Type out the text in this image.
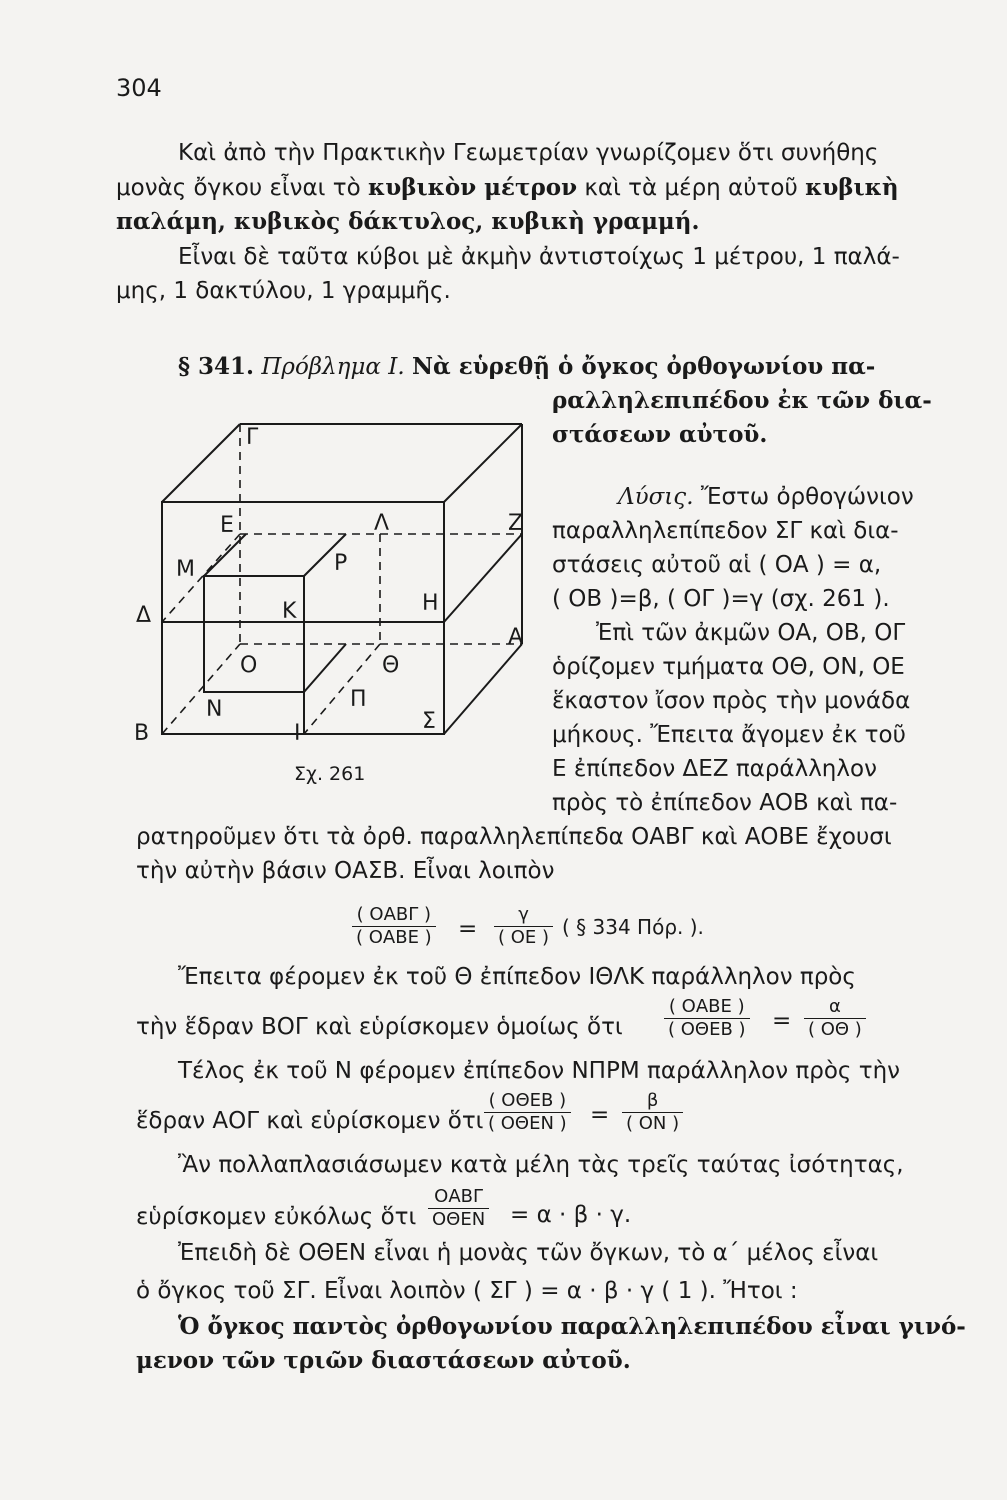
304
Καὶ ἀπὸ τὴν Πρακτικὴν Γεωμετρίαν γνωρίζομεν ὅτι συνήθης
μονὰς ὄγκου εἶναι τὸ κυβικὸν μέτρον καὶ τὰ μέρη αὐτοῦ κυβικὴ
παλάμη, κυβικὸς δάκτυλος, κυβικὴ γραμμή.
Εἶναι δὲ ταῦτα κύβοι μὲ ἀκμὴν ἀντιστοίχως 1 μέτρου, 1 παλά-
μης, 1 δακτύλου, 1 γραμμῆς.
§ 341. Πρόβλημα Ι. Νὰ εὑρεθῇ ὁ ὄγκος ὀρθογωνίου πα-
ραλληλεπιπέδου ἐκ τῶν δια-
στάσεων αὐτοῦ.
Λύσις. Ἔστω ὀρθογώνιον
παραλληλεπίπεδον ΣΓ καὶ δια-
στάσεις αὐτοῦ αἱ ( ΟΑ ) = α,
( ΟΒ )=β, ( ΟΓ )=γ (σχ. 261 ).
Ἐπὶ τῶν ἀκμῶν ΟΑ, ΟΒ, ΟΓ
ὁρίζομεν τμήματα ΟΘ, ΟΝ, ΟΕ
ἕκαστον ἴσον πρὸς τὴν μονάδα
μήκους. Ἔπειτα ἄγομεν ἐκ τοῦ
Ε ἐπίπεδον ΔΕΖ παράλληλον
πρὸς τὸ ἐπίπεδον ΑΟΒ καὶ πα-
ρατηροῦμεν ὅτι τὰ ὀρθ. παραλληλεπίπεδα ΟΑΒΓ καὶ ΑΟΒΕ ἔχουσι
τὴν αὐτὴν βάσιν ΟΑΣΒ. Εἶναι λοιπὸν
( ΟΑΒΓ )
( ΟΑΒΕ ) = $\frac{\gamma}{( OE )}$ ( § 334 Πόρ. ).
Ἔπειτα φέρομεν ἐκ τοῦ Θ ἐπίπεδον ΙΘΛΚ παράλληλον πρὸς
τὴν ἕδραν ΒΟΓ καὶ εὑρίσκομεν ὁμοίως ὅτι
( ΟΑΒΕ )
( ΟΘΕΒ ) = $\frac{\alpha}{( O\Theta )}$
Τέλος ἐκ τοῦ Ν φέρομεν ἐπίπεδον ΝΠΡΜ παράλληλον πρὸς τὴν
ἕδραν ΑΟΓ καὶ εὑρίσκομεν ὅτι
( ΟΘΕΒ )
( ΟΘΕΝ ) = $\frac{\beta}{( ON )}$
Ἂν πολλαπλασιάσωμεν κατὰ μέλη τὰς τρεῖς ταύτας ἰσότητας,
εὑρίσκομεν εὐκόλως ὅτι
ΟΑΒΓ
ΟΘΕΝ = α · β · γ.
Ἐπειδὴ δὲ ΟΘΕΝ εἶναι ἡ μονὰς τῶν ὄγκων, τὸ α΄ μέλος εἶναι
ὁ ὄγκος τοῦ ΣΓ. Εἶναι λοιπὸν ( ΣΓ ) = α · β · γ ( 1 ). Ἤτοι :
Ὁ ὄγκος παντὸς ὀρθογωνίου παραλληλεπιπέδου εἶναι γινό-
μενον τῶν τριῶν διαστάσεων αὐτοῦ.
Γ
Ε	Λ	Ζ
Μ	Ρ
Δ	Κ	Η
Α
Ο	Θ
Ν	Π
Β	Ι	Σ
Σχ. 261
